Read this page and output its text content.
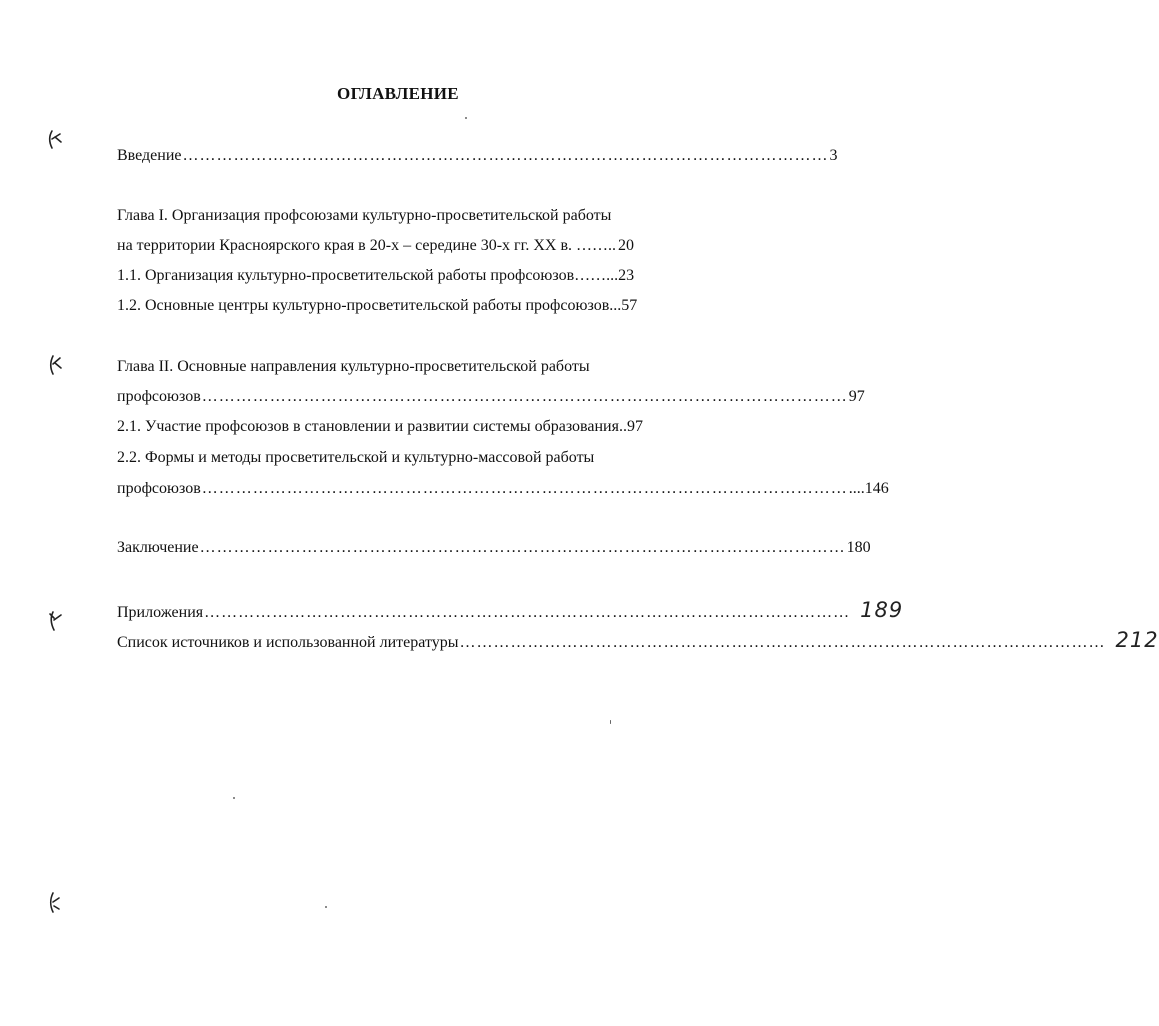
ОГЛАВЛЕНИЕ
Введение …………………………………………………………………………………………………… 3
Глава I. Организация профсоюзами культурно-просветительской работы
на территории Красноярского края в 20-х – середине 30-х гг. XX в. …….. 20
1.1. Организация культурно-просветительской работы профсоюзов……... 23
1.2. Основные центры культурно-просветительской работы профсоюзов... 57
Глава II. Основные направления культурно-просветительской работы
профсоюзов …………………………………………………………………………………………………… 97
2.1. Участие профсоюзов в становлении и развитии системы образования.. 97
2.2. Формы и методы просветительской и культурно-массовой работы
профсоюзов …………………………………………………………………………………………………… ....146
Заключение …………………………………………………………………………………………………… 180
Приложения …………………………………………………………………………………………………… 189
Список источников и использованной литературы …………………………………………………………………………………………………… 212
